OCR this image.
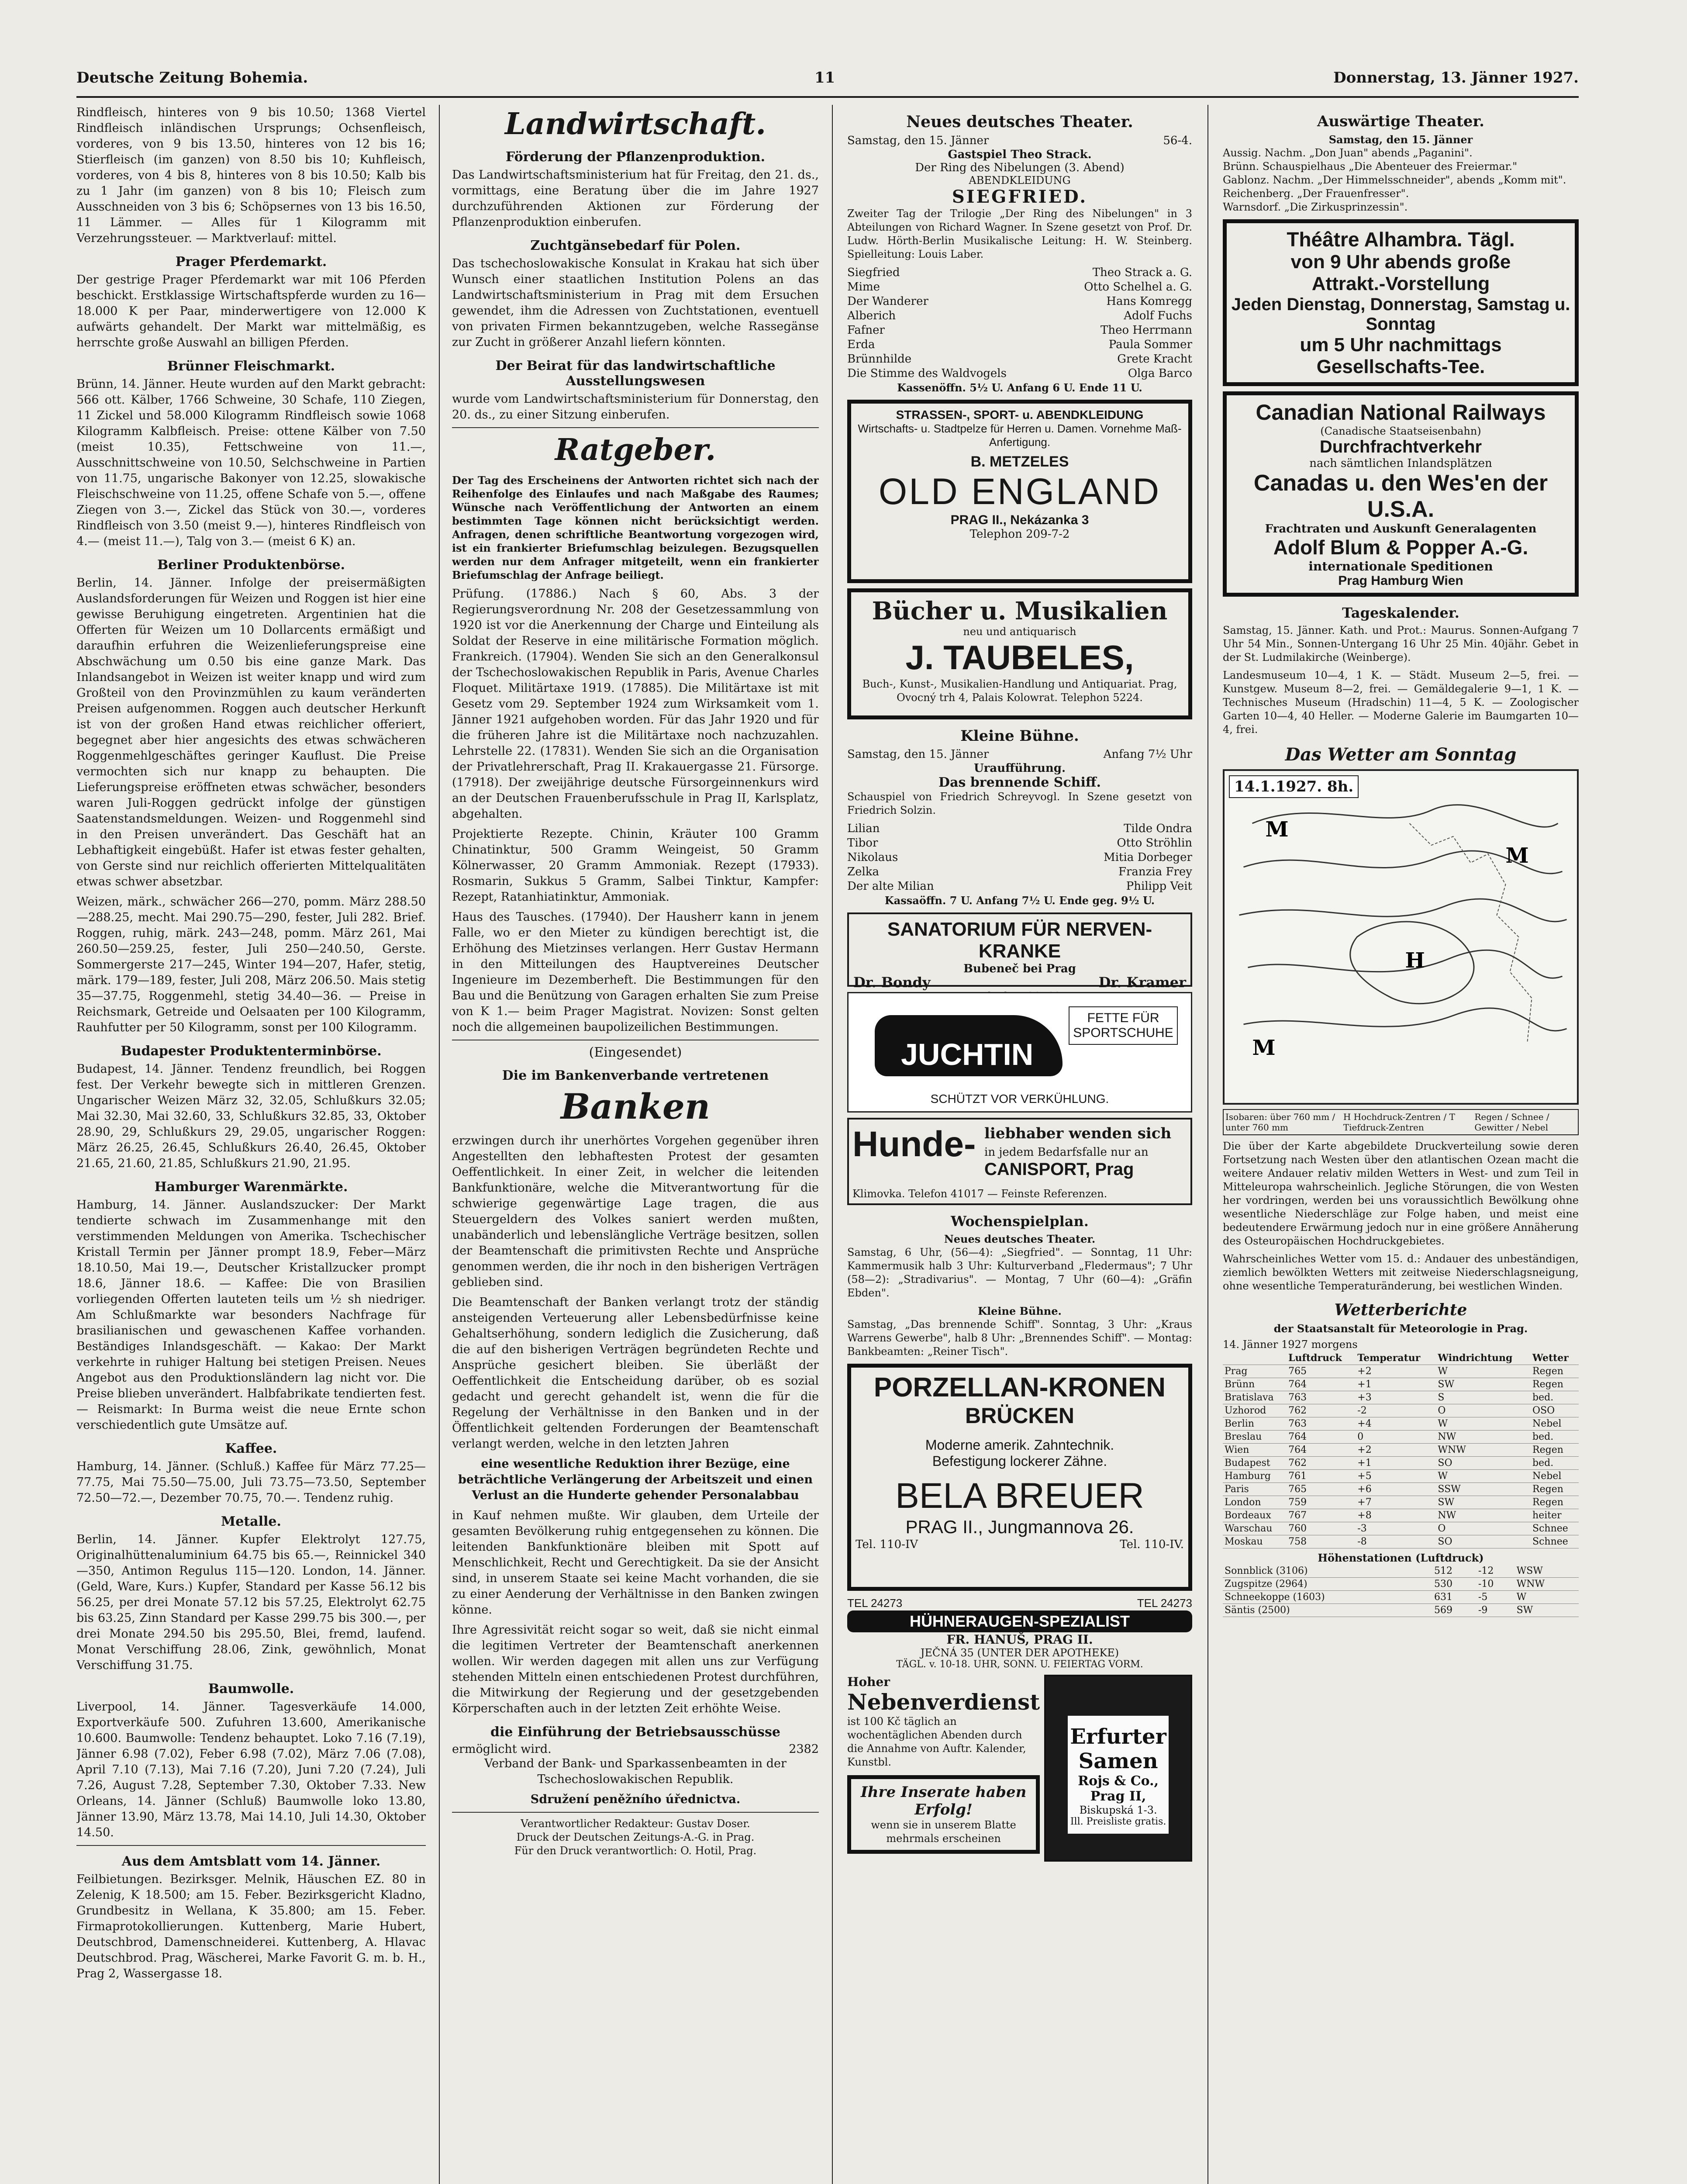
Deutsche Zeitung Bohemia.	11	Donnerstag, 13. Jänner 1927.

Rindfleisch, hinteres von 9 bis 10.50; 1368 Viertel Rindfleisch inländischen Ursprungs; Ochsenfleisch, vorderes, von 9 bis 13.50, hinteres von 12 bis 16; Stierfleisch (im ganzen) von 8.50 bis 10; Kuhfleisch, vorderes, von 4 bis 8, hinteres von 8 bis 10.50; Kalb bis zu 1 Jahr (im ganzen) von 8 bis 10; Fleisch zum Ausschneiden von 3 bis 6; Schöpsernes von 13 bis 16.50, 11 Lämmer. — Alles für 1 Kilogramm mit Verzehrungssteuer. — Marktverlauf: mittel.

Prager Pferdemarkt.

Der gestrige Prager Pferdemarkt war mit 106 Pferden beschickt. Erstklassige Wirtschaftspferde wurden zu 16—18.000 K per Paar, minderwertigere von 12.000 K aufwärts gehandelt. Der Markt war mittelmäßig, es herrschte große Auswahl an billigen Pferden.

Brünner Fleischmarkt.

Brünn, 14. Jänner. Heute wurden auf den Markt gebracht: 566 ott. Kälber, 1766 Schweine, 30 Schafe, 110 Ziegen, 11 Zickel und 58.000 Kilogramm Rindfleisch sowie 1068 Kilogramm Kalbfleisch. Preise: ottene Kälber von 7.50 (meist 10.35), Fettschweine von 11.—, Ausschnittschweine von 10.50, Selchschweine in Partien von 11.75, ungarische Bakonyer von 12.25, slowakische Fleischschweine von 11.25, offene Schafe von 5.—, offene Ziegen von 3.—, Zickel das Stück von 30.—, vorderes Rindfleisch von 3.50 (meist 9.—), hinteres Rindfleisch von 4.— (meist 11.—), Talg von 3.— (meist 6 K) an.

Berliner Produktenbörse.

Berlin, 14. Jänner. Infolge der preisermäßigten Auslandsforderungen für Weizen und Roggen ist hier eine gewisse Beruhigung eingetreten. Argentinien hat die Offerten für Weizen um 10 Dollarcents ermäßigt und daraufhin erfuhren die Weizenlieferungspreise eine Abschwächung um 0.50 bis eine ganze Mark. Das Inlandsangebot in Weizen ist weiter knapp und wird zum Großteil von den Provinzmühlen zu kaum veränderten Preisen aufgenommen. Roggen auch deutscher Herkunft ist von der großen Hand etwas reichlicher offeriert, begegnet aber hier angesichts des etwas schwächeren Roggenmehlgeschäftes geringer Kauflust. Die Preise vermochten sich nur knapp zu behaupten. Die Lieferungspreise eröffneten etwas schwächer, besonders waren Juli-Roggen gedrückt infolge der günstigen Saatenstandsmeldungen. Weizen- und Roggenmehl sind in den Preisen unverändert. Das Geschäft hat an Lebhaftigkeit eingebüßt. Hafer ist etwas fester gehalten, von Gerste sind nur reichlich offerierten Mittelqualitäten etwas schwer absetzbar.

Weizen, märk., schwächer 266—270, pomm. März 288.50—288.25, mecht. Mai 290.75—290, fester, Juli 282. Brief. Roggen, ruhig, märk. 243—248, pomm. März 261, Mai 260.50—259.25, fester, Juli 250—240.50, Gerste. Sommergerste 217—245, Winter 194—207, Hafer, stetig, märk. 179—189, fester, Juli 208, März 206.50. Mais stetig 35—37.75, Roggenmehl, stetig 34.40—36. — Preise in Reichsmark, Getreide und Oelsaaten per 100 Kilogramm, Rauhfutter per 50 Kilogramm, sonst per 100 Kilogramm.

Budapester Produktenterminbörse.

Budapest, 14. Jänner. Tendenz freundlich, bei Roggen fest. Der Verkehr bewegte sich in mittleren Grenzen. Ungarischer Weizen März 32, 32.05, Schlußkurs 32.05; Mai 32.30, Mai 32.60, 33, Schlußkurs 32.85, 33, Oktober 28.90, 29, Schlußkurs 29, 29.05, ungarischer Roggen: März 26.25, 26.45, Schlußkurs 26.40, 26.45, Oktober 21.65, 21.60, 21.85, Schlußkurs 21.90, 21.95.

Hamburger Warenmärkte.

Hamburg, 14. Jänner. Auslandszucker: Der Markt tendierte schwach im Zusammenhange mit den verstimmenden Meldungen von Amerika. Tschechischer Kristall Termin per Jänner prompt 18.9, Feber—März 18.10.50, Mai 19.—, Deutscher Kristallzucker prompt 18.6, Jänner 18.6. — Kaffee: Die von Brasilien vorliegenden Offerten lauteten teils um ½ sh niedriger. Am Schlußmarkte war besonders Nachfrage für brasilianischen und gewaschenen Kaffee vorhanden. Beständiges Inlandsgeschäft. — Kakao: Der Markt verkehrte in ruhiger Haltung bei stetigen Preisen. Neues Angebot aus den Produktionsländern lag nicht vor. Die Preise blieben unverändert. Halbfabrikate tendierten fest. — Reismarkt: In Burma weist die neue Ernte schon verschiedentlich gute Umsätze auf.

Kaffee.

Hamburg, 14. Jänner. (Schluß.) Kaffee für März 77.25—77.75, Mai 75.50—75.00, Juli 73.75—73.50, September 72.50—72.—, Dezember 70.75, 70.—. Tendenz ruhig.

Metalle.

Berlin, 14. Jänner. Kupfer Elektrolyt 127.75, Originalhüttenaluminium 64.75 bis 65.—, Reinnickel 340—350, Antimon Regulus 115—120. London, 14. Jänner. (Geld, Ware, Kurs.) Kupfer, Standard per Kasse 56.12 bis 56.25, per drei Monate 57.12 bis 57.25, Elektrolyt 62.75 bis 63.25, Zinn Standard per Kasse 299.75 bis 300.—, per drei Monate 294.50 bis 295.50, Blei, fremd, laufend. Monat Verschiffung 28.06, Zink, gewöhnlich, Monat Verschiffung 31.75.

Baumwolle.

Liverpool, 14. Jänner. Tagesverkäufe 14.000, Exportverkäufe 500. Zufuhren 13.600, Amerikanische 10.600. Baumwolle: Tendenz behauptet. Loko 7.16 (7.19), Jänner 6.98 (7.02), Feber 6.98 (7.02), März 7.06 (7.08), April 7.10 (7.13), Mai 7.16 (7.20), Juni 7.20 (7.24), Juli 7.26, August 7.28, September 7.30, Oktober 7.33. New Orleans, 14. Jänner (Schluß) Baumwolle loko 13.80, Jänner 13.90, März 13.78, Mai 14.10, Juli 14.30, Oktober 14.50.

Aus dem Amtsblatt vom 14. Jänner.

Feilbietungen. Bezirksger. Melnik, Häuschen EZ. 80 in Zelenig, K 18.500; am 15. Feber. Bezirksgericht Kladno, Grundbesitz in Wellana, K 35.800; am 15. Feber. Firmaprotokollierungen. Kuttenberg, Marie Hubert, Deutschbrod, Damenschneiderei. Kuttenberg, A. Hlavac Deutschbrod. Prag, Wäscherei, Marke Favorit G. m. b. H., Prag 2, Wassergasse 18.

Landwirtschaft.
Förderung der Pflanzenproduktion.

Das Landwirtschaftsministerium hat für Freitag, den 21. ds., vormittags, eine Beratung über die im Jahre 1927 durchzuführenden Aktionen zur Förderung der Pflanzenproduktion einberufen.

Zuchtgänsebedarf für Polen.

Das tschechoslowakische Konsulat in Krakau hat sich über Wunsch einer staatlichen Institution Polens an das Landwirtschaftsministerium in Prag mit dem Ersuchen gewendet, ihm die Adressen von Zuchtstationen, eventuell von privaten Firmen bekanntzugeben, welche Rassegänse zur Zucht in größerer Anzahl liefern könnten.

Der Beirat für das landwirtschaftliche Ausstellungswesen

wurde vom Landwirtschaftsministerium für Donnerstag, den 20. ds., zu einer Sitzung einberufen.

Ratgeber.

Der Tag des Erscheinens der Antworten richtet sich nach der Reihenfolge des Einlaufes und nach Maßgabe des Raumes; Wünsche nach Veröffentlichung der Antworten an einem bestimmten Tage können nicht berücksichtigt werden. Anfragen, denen schriftliche Beantwortung vorgezogen wird, ist ein frankierter Briefumschlag beizulegen. Bezugsquellen werden nur dem Anfrager mitgeteilt, wenn ein frankierter Briefumschlag der Anfrage beiliegt.

Prüfung. (17886.) Nach § 60, Abs. 3 der Regierungsverordnung Nr. 208 der Gesetzessammlung von 1920 ist vor die Anerkennung der Charge und Einteilung als Soldat der Reserve in eine militärische Formation möglich. Frankreich. (17904). Wenden Sie sich an den Generalkonsul der Tschechoslowakischen Republik in Paris, Avenue Charles Floquet. Militärtaxe 1919. (17885). Die Militärtaxe ist mit Gesetz vom 29. September 1924 zum Wirksamkeit vom 1. Jänner 1921 aufgehoben worden. Für das Jahr 1920 und für die früheren Jahre ist die Militärtaxe noch nachzuzahlen. Lehrstelle 22. (17831). Wenden Sie sich an die Organisation der Privatlehrerschaft, Prag II. Krakauergasse 21. Fürsorge. (17918). Der zweijährige deutsche Fürsorgeinnenkurs wird an der Deutschen Frauenberufsschule in Prag II, Karlsplatz, abgehalten.

Projektierte Rezepte. Chinin, Kräuter 100 Gramm Chinatinktur, 500 Gramm Weingeist, 50 Gramm Kölnerwasser, 20 Gramm Ammoniak. Rezept (17933). Rosmarin, Sukkus 5 Gramm, Salbei Tinktur, Kampfer: Rezept, Ratanhiatinktur, Ammoniak.

Haus des Tausches. (17940). Der Hausherr kann in jenem Falle, wo er den Mieter zu kündigen berechtigt ist, die Erhöhung des Mietzinses verlangen. Herr Gustav Hermann in den Mitteilungen des Hauptvereines Deutscher Ingenieure im Dezemberheft. Die Bestimmungen für den Bau und die Benützung von Garagen erhalten Sie zum Preise von K 1.— beim Prager Magistrat. Novizen: Sonst gelten noch die allgemeinen baupolizeilichen Bestimmungen.

(Eingesendet)
Die im Bankenverbande vertretenen
Banken

erzwingen durch ihr unerhörtes Vorgehen gegenüber ihren Angestellten den lebhaftesten Protest der gesamten Oeffentlichkeit. In einer Zeit, in welcher die leitenden Bankfunktionäre, welche die Mitverantwortung für die schwierige gegenwärtige Lage tragen, die aus Steuergeldern des Volkes saniert werden mußten, unabänderlich und lebenslängliche Verträge besitzen, sollen der Beamtenschaft die primitivsten Rechte und Ansprüche genommen werden, die ihr noch in den bisherigen Verträgen geblieben sind.

Die Beamtenschaft der Banken verlangt trotz der ständig ansteigenden Verteuerung aller Lebensbedürfnisse keine Gehaltserhöhung, sondern lediglich die Zusicherung, daß die auf den bisherigen Verträgen begründeten Rechte und Ansprüche gesichert bleiben. Sie überläßt der Oeffentlichkeit die Entscheidung darüber, ob es sozial gedacht und gerecht gehandelt ist, wenn die für die Regelung der Verhältnisse in den Banken und in der Öffentlichkeit geltenden Forderungen der Beamtenschaft verlangt werden, welche in den letzten Jahren

eine wesentliche Reduktion ihrer Bezüge, eine beträchtliche Verlängerung der Arbeitszeit und einen Verlust an die Hunderte gehender Personalabbau

in Kauf nehmen mußte. Wir glauben, dem Urteile der gesamten Bevölkerung ruhig entgegensehen zu können. Die leitenden Bankfunktionäre bleiben mit Spott auf Menschlichkeit, Recht und Gerechtigkeit. Da sie der Ansicht sind, in unserem Staate sei keine Macht vorhanden, die sie zu einer Aenderung der Verhältnisse in den Banken zwingen könne.

Ihre Agressivität reicht sogar so weit, daß sie nicht einmal die legitimen Vertreter der Beamtenschaft anerkennen wollen. Wir werden dagegen mit allen uns zur Verfügung stehenden Mitteln einen entschiedenen Protest durchführen, die Mitwirkung der Regierung und der gesetzgebenden Körperschaften auch in der letzten Zeit erhöhte Weise.

die Einführung der Betriebsausschüsse
ermöglicht wird.	2382

Verband der Bank- und Sparkassenbeamten in der Tschechoslowakischen Republik.

Sdružení peněžního úřednictva.

Verantwortlicher Redakteur: Gustav Doser.
Druck der Deutschen Zeitungs-A.-G. in Prag.
Für den Druck verantwortlich: O. Hotil, Prag.
Neues deutsches Theater.
Samstag, den 15. Jänner	56-4.
Gastspiel Theo Strack.
Der Ring des Nibelungen (3. Abend)
ABENDKLEIDUNG
SIEGFRIED.

Zweiter Tag der Trilogie „Der Ring des Nibelungen" in 3 Abteilungen von Richard Wagner. In Szene gesetzt von Prof. Dr. Ludw. Hörth-Berlin Musikalische Leitung: H. W. Steinberg. Spielleitung: Louis Laber.

Siegfried	Theo Strack a. G.
Mime	Otto Schelhel a. G.
Der Wanderer	Hans Komregg
Alberich	Adolf Fuchs
Fafner	Theo Herrmann
Erda	Paula Sommer
Brünnhilde	Grete Kracht
Die Stimme des Waldvogels	Olga Barco
Kassenöffn. 5½ U. Anfang 6 U. Ende 11 U.
STRASSEN-, SPORT- u. ABENDKLEIDUNG
Wirtschafts- u. Stadtpelze für Herren u. Damen. Vornehme Maß-Anfertigung.
B. METZELES
OLD ENGLAND
PRAG II., Nekázanka 3
Telephon 209-7-2
Bücher u. Musikalien
neu und antiquarisch
J. TAUBELES,
Buch-, Kunst-, Musikalien-Handlung und Antiquariat. Prag, Ovocný trh 4, Palais Kolowrat. Telephon 5224.
Kleine Bühne.
Samstag, den 15. Jänner	Anfang 7½ Uhr
Uraufführung.
Das brennende Schiff.

Schauspiel von Friedrich Schreyvogl. In Szene gesetzt von Friedrich Solzin.

Lilian	Tilde Ondra
Tibor	Otto Ströhlin
Nikolaus	Mitia Dorbeger
Zelka	Franzia Frey
Der alte Milian	Philipp Veit
Kassaöffn. 7 U. Anfang 7½ U. Ende geg. 9½ U.
SANATORIUM FÜR NERVEN-KRANKE
Bubeneč bei Prag
Dr. Bondy	Dr. Kramer
JUCHTIN
FETTE FÜR SPORTSCHUHE
SCHÜTZT VOR VERKÜHLUNG.
Hunde- liebhaber wenden sich
in jedem Bedarfsfalle nur an
CANISPORT, Prag
Klimovka. Telefon 41017 — Feinste Referenzen.
Wochenspielplan.
Neues deutsches Theater.

Samstag, 6 Uhr, (56—4): „Siegfried". — Sonntag, 11 Uhr: Kammermusik halb 3 Uhr: Kulturverband „Fledermaus"; 7 Uhr (58—2): „Stradivarius". — Montag, 7 Uhr (60—4): „Gräfin Ebden".

Kleine Bühne.

Samstag, „Das brennende Schiff". Sonntag, 3 Uhr: „Kraus Warrens Gewerbe", halb 8 Uhr: „Brennendes Schiff". — Montag: Bankbeamten: „Reiner Tisch".

PORZELLAN-KRONEN
BRÜCKEN
Moderne amerik. Zahntechnik.
Befestigung lockerer Zähne.
BELA BREUER
PRAG II., Jungmannova 26.
Tel. 110-IV	Tel. 110-IV.
TEL 24273	TEL 24273
HÜHNERAUGEN-SPEZIALIST
FR. HANUŠ, PRAG II.
JEČNÁ 35 (UNTER DER APOTHEKE)
TÄGL. v. 10-18. UHR, SONN. U. FEIERTAG VORM.
Hoher
Nebenverdienst
ist 100 Kč täglich an wochentäglichen Abenden durch die Annahme von Auftr. Kalender, Kunstbl.
Ihre Inserate haben Erfolg!
wenn sie in unserem Blatte mehrmals erscheinen
Erfurter Samen
Rojs & Co., Prag II,
Biskupská 1-3.
Ill. Preisliste gratis.
Auswärtige Theater.
Samstag, den 15. Jänner
Aussig. Nachm. „Don Juan" abends „Paganini".
Brünn. Schauspielhaus „Die Abenteuer des Freiermar."
Gablonz. Nachm. „Der Himmelsschneider", abends „Komm mit".
Reichenberg. „Der Frauenfresser".
Warnsdorf. „Die Zirkusprinzessin".
Théâtre Alhambra. Tägl.
von 9 Uhr abends große
Attrakt.-Vorstellung
Jeden Dienstag, Donnerstag, Samstag u. Sonntag
um 5 Uhr nachmittags
Gesellschafts-Tee.
Canadian National Railways
(Canadische Staatseisenbahn)
Durchfrachtverkehr
nach sämtlichen Inlandsplätzen
Canadas u. den Wes'en der U.S.A.
Frachtraten und Auskunft Generalagenten
Adolf Blum & Popper A.-G.
internationale Speditionen
Prag Hamburg Wien
Tageskalender.

Samstag, 15. Jänner. Kath. und Prot.: Maurus. Sonnen-Aufgang 7 Uhr 54 Min., Sonnen-Untergang 16 Uhr 25 Min. 40jähr. Gebet in der St. Ludmilakirche (Weinberge).

Landesmuseum 10—4, 1 K. — Städt. Museum 2—5, frei. — Kunstgew. Museum 8—2, frei. — Gemäldegalerie 9—1, 1 K. — Technisches Museum (Hradschin) 11—4, 5 K. — Zoologischer Garten 10—4, 40 Heller. — Moderne Galerie im Baumgarten 10—4, frei.

Das Wetter am Sonntag
14.1.1927. 8h.
M
M
M
H
Isobaren: über 760 mm / unter 760 mm
H Hochdruck-Zentren / T Tiefdruck-Zentren
Regen / Schnee / Gewitter / Nebel

Die über der Karte abgebildete Druckverteilung sowie deren Fortsetzung nach Westen über den atlantischen Ozean macht die weitere Andauer relativ milden Wetters in West- und zum Teil in Mitteleuropa wahrscheinlich. Jegliche Störungen, die von Westen her vordringen, werden bei uns voraussichtlich Bewölkung ohne wesentliche Niederschläge zur Folge haben, und meist eine bedeutendere Erwärmung jedoch nur in eine größere Annäherung des Osteuropäischen Hochdruckgebietes.

Wahrscheinliches Wetter vom 15. d.: Andauer des unbeständigen, ziemlich bewölkten Wetters mit zeitweise Niederschlagsneigung, ohne wesentliche Temperaturänderung, bei westlichen Winden.

Wetterberichte
der Staatsanstalt für Meteorologie in Prag.
14. Jänner 1927 morgens
	Luftdruck	Temperatur	Windrichtung	Wetter
Prag	765	+2	W	Regen
Brünn	764	+1	SW	Regen
Bratislava	763	+3	S	bed.
Uzhorod	762	-2	O	OSO
Berlin	763	+4	W	Nebel
Breslau	764	0	NW	bed.
Wien	764	+2	WNW	Regen
Budapest	762	+1	SO	bed.
Hamburg	761	+5	W	Nebel
Paris	765	+6	SSW	Regen
London	759	+7	SW	Regen
Bordeaux	767	+8	NW	heiter
Warschau	760	-3	O	Schnee
Moskau	758	-8	SO	Schnee
Höhenstationen (Luftdruck)
Sonnblick (3106)	512	-12	WSW
Zugspitze (2964)	530	-10	WNW
Schneekoppe (1603)	631	-5	W
Säntis (2500)	569	-9	SW
